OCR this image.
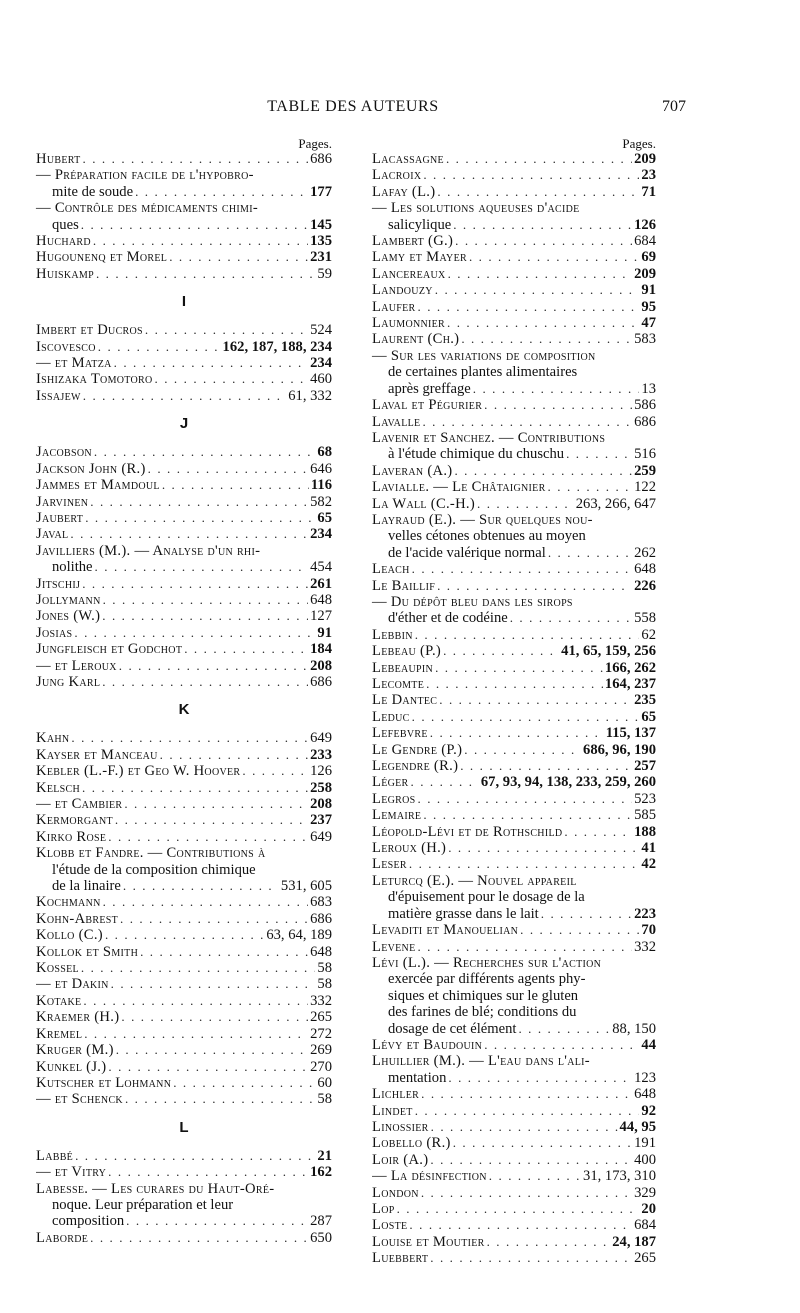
TABLE DES AUTEURS	707
Pages.
Hubert . . .	686
— Préparation facile de l'hypobro-
mite de soude . . .	177
— Contrôle des médicaments chimi-
ques . . .	145
Huchard . . .	135
Hugounenq et Morel . . .	231
Huiskamp . . .	59
I
Imbert et Ducros . . .	524
Iscovesco . . .	162, 187, 188, 234
— et Matza . . .	234
Ishizaka Tomotoro . . .	460
Issajew . . .	61, 332
J
Jacobson . . .	68
Jackson John (R.) . . .	646
Jammes et Mamdoul . . .	116
Jarvinen . . .	582
Jaubert . . .	65
Javal . . .	234
Javilliers (M.). — Analyse d'un rhi-
nolithe . . .	454
Jitschij . . .	261
Jollymann . . .	648
Jones (W.) . . .	127
Josias . . .	91
Jungfleisch et Godchot . . .	184
— et Leroux . . .	208
Jung Karl . . .	686
K
Kahn . . .	649
Kayser et Manceau . . .	233
Kebler (L.-F.) et Geo W. Hoover . . .	126
Kelsch . . .	258
— et Cambier . . .	208
Kermorgant . . .	237
Kirko Rose . . .	649
Klobb et Fandre. — Contributions à
l'étude de la composition chimique
de la linaire . . .	531, 605
Kochmann . . .	683
Kohn-Abrest . . .	686
Kollo (C.) . . .	63, 64, 189
Kollok et Smith . . .	648
Kossel . . .	58
— et Dakin . . .	58
Kotake . . .	332
Kraemer (H.) . . .	265
Kremel . . .	272
Kruger (M.) . . .	269
Kunkel (J.) . . .	270
Kutscher et Lohmann . . .	60
— et Schenck . . .	58
L
Labbé . . .	21
— et Vitry . . .	162
Labesse. — Les curares du Haut-Oré-
noque. Leur préparation et leur
composition . . .	287
Laborde . . .	650
Pages.
Lacassagne . . .	209
Lacroix . . .	23
Lafay (L.) . . .	71
— Les solutions aqueuses d'acide
salicylique . . .	126
Lambert (G.) . . .	684
Lamy et Mayer . . .	69
Lancereaux . . .	209
Landouzy . . .	91
Laufer . . .	95
Laumonnier . . .	47
Laurent (Ch.) . . .	583
— Sur les variations de composition
de certaines plantes alimentaires
après greffage . . .	13
Laval et Pégurier . . .	586
Lavalle . . .	686
Lavenir et Sanchez. — Contributions
à l'étude chimique du chuschu . . .	516
Laveran (A.) . . .	259
Lavialle. — Le Châtaignier . . .	122
La Wall (C.-H.) . . .	263, 266, 647
Layraud (E.). — Sur quelques nou-
velles cétones obtenues au moyen
de l'acide valérique normal . . .	262
Leach . . .	648
Le Baillif . . .	226
— Du dépôt bleu dans les sirops
d'éther et de codéine . . .	558
Lebbin . . .	62
Lebeau (P.) . . .	41, 65, 159, 256
Lebeaupin . . .	166, 262
Lecomte . . .	164, 237
Le Dantec . . .	235
Leduc . . .	65
Lefebvre . . .	115, 137
Le Gendre (P.) . . .	686, 96, 190
Legendre (R.) . . .	257
Léger . . .	67, 93, 94, 138, 233, 259, 260
Legros . . .	523
Lemaire . . .	585
Léopold-Lévi et de Rothschild . . .	188
Leroux (H.) . . .	41
Leser . . .	42
Leturcq (E.). — Nouvel appareil
d'épuisement pour le dosage de la
matière grasse dans le lait . . .	223
Levaditi et Manouelian . . .	70
Levene . . .	332
Lévi (L.). — Recherches sur l'action
exercée par différents agents phy-
siques et chimiques sur le gluten
des farines de blé; conditions du
dosage de cet élément . . .	88, 150
Lévy et Baudouin . . .	44
Lhuillier (M.). — L'eau dans l'ali-
mentation . . .	123
Lichler . . .	648
Lindet . . .	92
Linossier . . .	44, 95
Lobello (R.) . . .	191
Loir (A.) . . .	400
— La désinfection . . .	31, 173, 310
London . . .	329
Lop . . .	20
Loste . . .	684
Louise et Moutier . . .	24, 187
Luebbert . . .	265
